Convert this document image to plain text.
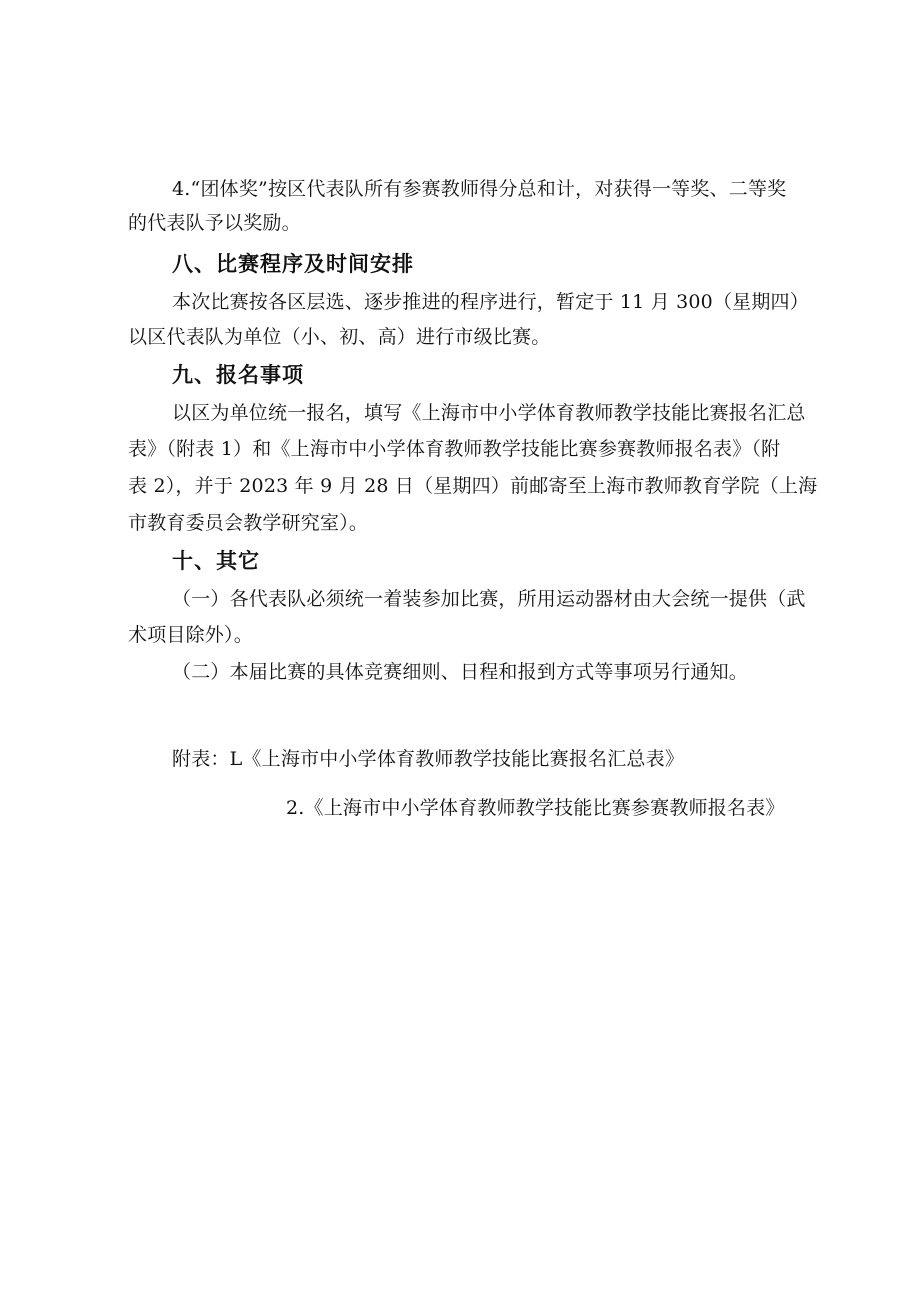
4.“团体奖”按区代表队所有参赛教师得分总和计，对获得一等奖、二等奖
的代表队予以奖励。
八、比赛程序及时间安排
本次比赛按各区层选、逐步推进的程序进行，暂定于 11 月 300（星期四）
以区代表队为单位（小、初、高）进行市级比赛。
九、报名事项
以区为单位统一报名，填写《上海市中小学体育教师教学技能比赛报名汇总
表》（附表 1）和《上海市中小学体育教师教学技能比赛参赛教师报名表》（附
表 2），并于 2023 年 9 月 28 日（星期四）前邮寄至上海市教师教育学院（上海
市教育委员会教学研究室）。
十、其它
（一）各代表队必须统一着装参加比赛，所用运动器材由大会统一提供（武
术项目除外）。
（二）本届比赛的具体竞赛细则、日程和报到方式等事项另行通知。
附表：L《上海市中小学体育教师教学技能比赛报名汇总表》
2.《上海市中小学体育教师教学技能比赛参赛教师报名表》
